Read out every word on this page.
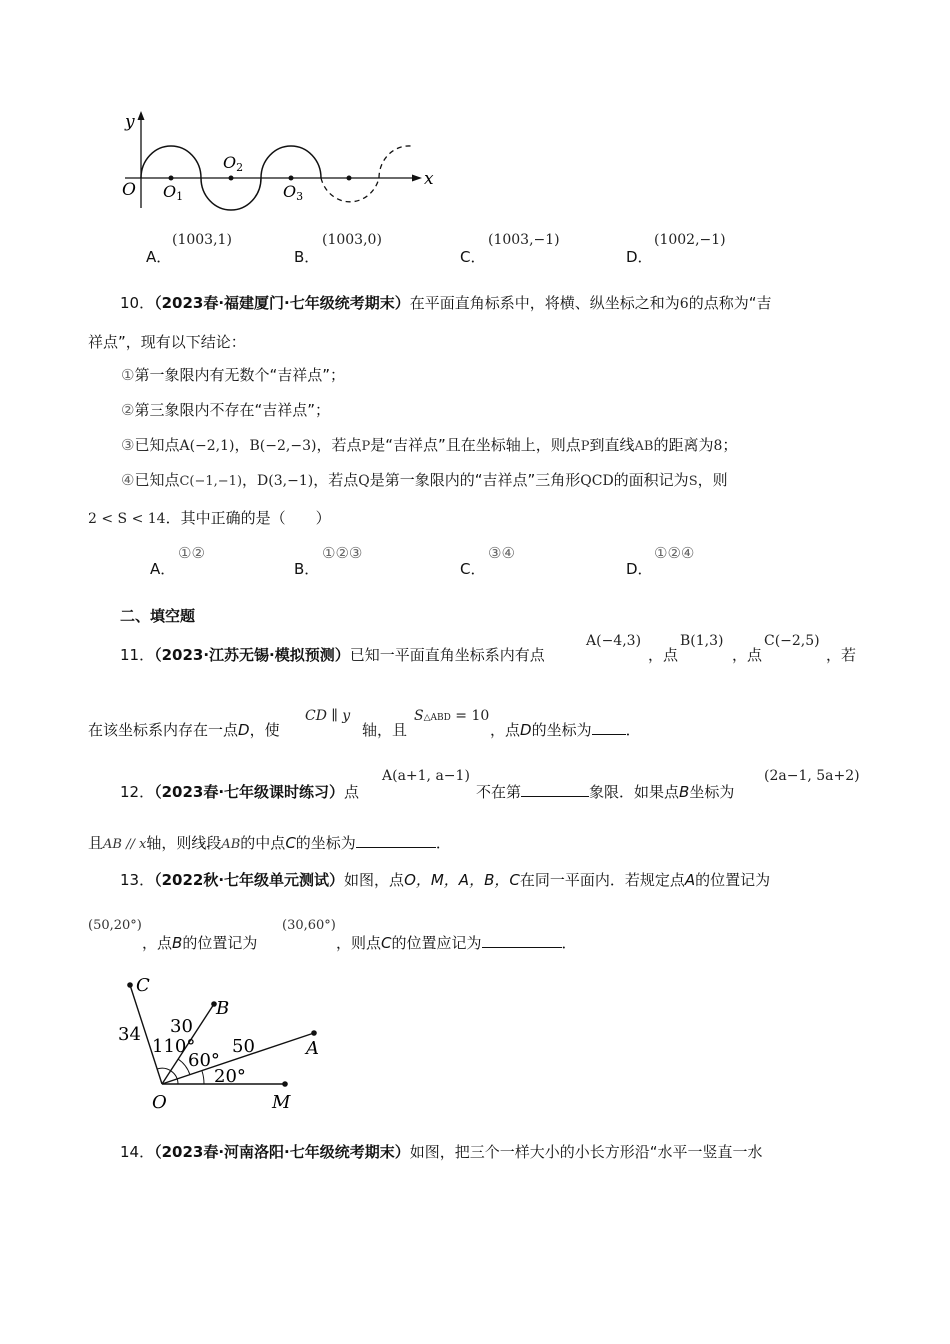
y
x
O O1
O2
O3
A．
(1003,1)
B．
(1003,0)
C．
(1003,−1)
D．
(1002,−1)
10．（2023春·福建厦门·七年级统考期末）在平面直角标系中，将横、纵坐标之和为6的点称为“吉
祥点”，现有以下结论：
①第一象限内有无数个“吉祥点”；
②第三象限内不存在“吉祥点”；
③已知点A(−2,1)，B(−2,−3)，若点P是“吉祥点”且在坐标轴上，则点P到直线AB的距离为8；
④已知点C(−1,−1)，D(3,−1)，若点Q是第一象限内的“吉祥点”三角形QCD的面积记为S，则
2 < S < 14．其中正确的是（　　）
A．
①②
B．
①②③
C．
③④
D．
①②④
二、填空题
11．（2023·江苏无锡·模拟预测）已知一平面直角坐标系内有点
A(−4,3)
，点
B(1,3)
，点
C(−2,5)
，若
在该坐标系内存在一点D，使
CD ∥ y
轴，且
S△ABD = 10
，点D的坐标为 ．
12．（2023春·七年级课时练习）点
A(a+1, a−1)
不在第	象限．如果点B坐标为
(2a−1, 5a+2)
且AB // x轴，则线段AB的中点C的坐标为	．
13．（2022秋·七年级单元测试）如图，点O，M，A，B，C在同一平面内．若规定点A的位置记为
(50,20°)
，点B的位置记为
(30,60°)
，则点C的位置应记为	．
C
B
A
O	M
34 30
50
110°
60°
20°
14．（2023春·河南洛阳·七年级统考期末）如图，把三个一样大小的小长方形沿“水平一竖直一水
